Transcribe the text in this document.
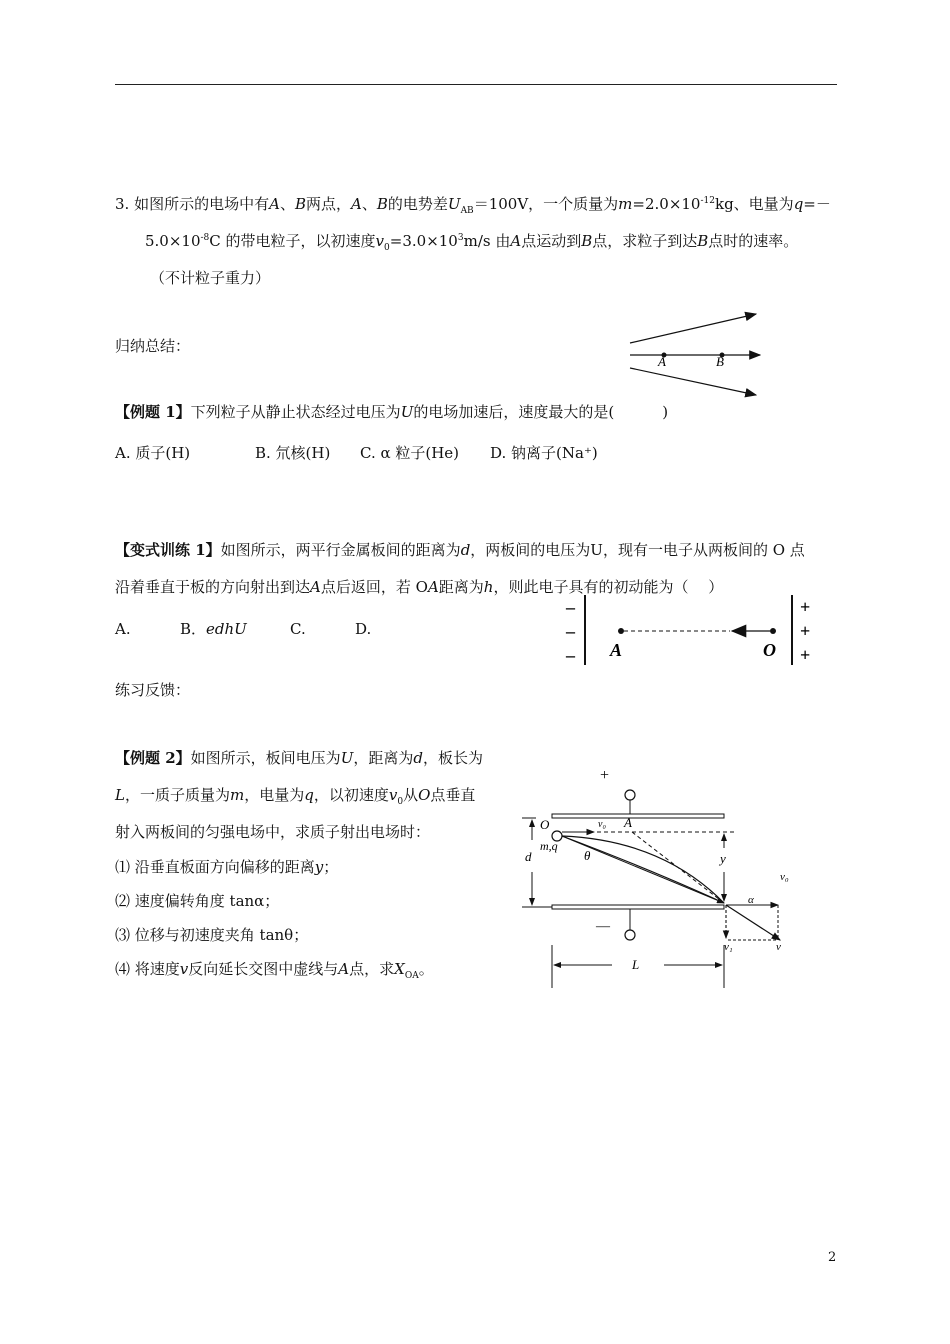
3. 如图所示的电场中有A、B两点，A、B的电势差$U_{AB}=100V$，一个质量为$m=2.0\times 10^{-12}kg$、电量为q=－
$5.0\times 10^{-8}C$ 的带电粒子，以初速度$v_0=3.0\times 10^3m/s$ 由A点运动到B点，求粒子到达B点时的速率。
（不计粒子重力）
归纳总结：
A	B
【例题 1】下列粒子从静止状态经过电压为U的电场加速后，速度最大的是(	)
A. 质子(H)	B. 氘核(H) C. α 粒子(He) D. 钠离子(Na⁺)
【变式训练 1】如图所示，两平行金属板间的距离为d，两板间的电压为U，现有一电子从两板间的 O 点
沿着垂直于板的方向射出到达A点后返回，若 OA距离为h，则此电子具有的初动能为（　 ）
A.	B．edhU	C.	D.
–
–
–
+
+
+
A	O
练习反馈：
【例题 2】如图所示，板间电压为U，距离为d，板长为
L，一质子质量为m，电量为q，以初速度$v_0$从O点垂直
射入两板间的匀强电场中，求质子射出电场时：
⑴ 沿垂直板面方向偏移的距离y；
⑵ 速度偏转角度 tanα；
⑶ 位移与初速度夹角 tanθ；
⑷ 将速度v反向延长交图中虚线与A点，求$X_{OA}$。
+
—
O	v₀ A
m,q
θ
d	y
v₀
α
v₁	v
L
2
